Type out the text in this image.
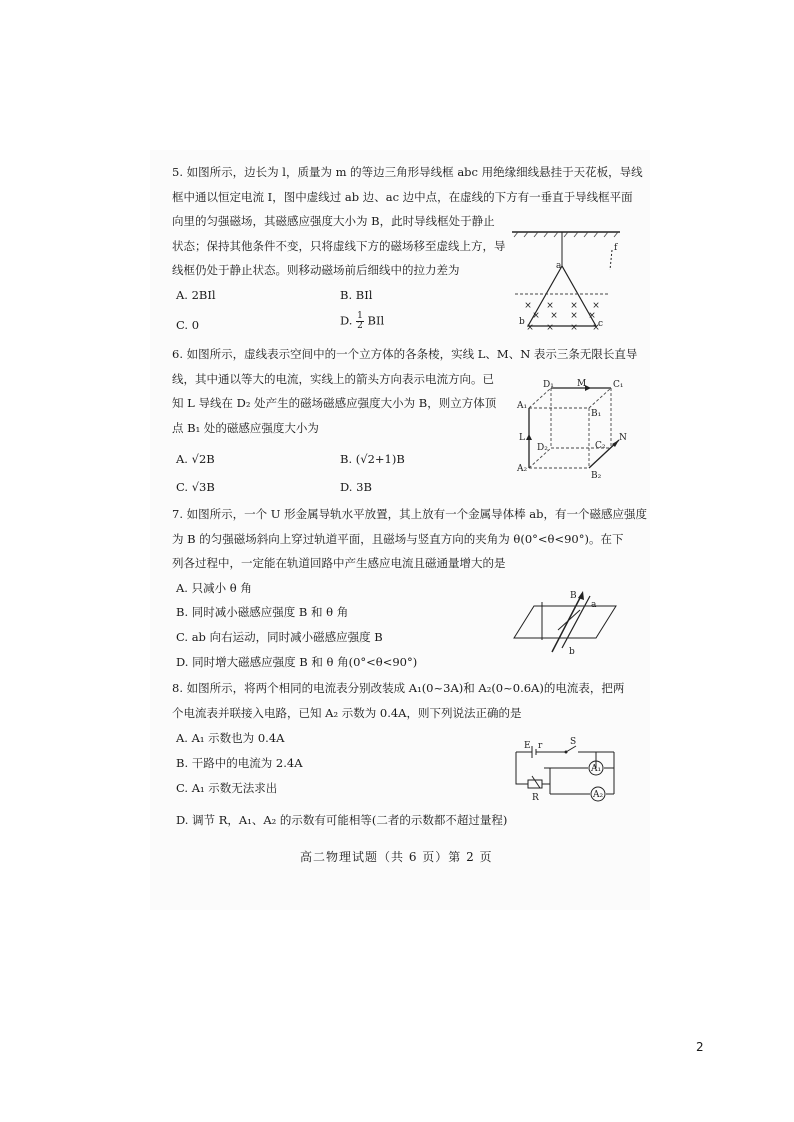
5. 如图所示，边长为 l，质量为 m 的等边三角形导线框 abc 用绝缘细线悬挂于天花板，导线

框中通以恒定电流 I，图中虚线过 ab 边、ac 边中点，在虚线的下方有一垂直于导线框平面

向里的匀强磁场，其磁感应强度大小为 B，此时导线框处于静止

状态；保持其他条件不变，只将虚线下方的磁场移至虚线上方，导

线框仍处于静止状态。则移动磁场前后细线中的拉力差为

A. 2BIl	B. BIl
C. 0	D. $\frac{1}{2}$ BIl
× × × ×
× × × ×
× × × ×
a
b	c
f

6. 如图所示，虚线表示空间中的一个立方体的各条棱，实线 L、M、N 表示三条无限长直导

线，其中通以等大的电流，实线上的箭头方向表示电流方向。已

知 L 导线在 D₂ 处产生的磁场磁感应强度大小为 B，则立方体顶

点 B₁ 处的磁感应强度大小为

A. √2B	B. (√2+1)B
C. √3B	D. 3B
D₁	M	C₁
A₁
B₁
L
D₂	C₂
A₂
N
B₂

7. 如图所示，一个 U 形金属导轨水平放置，其上放有一个金属导体棒 ab，有一个磁感应强度

为 B 的匀强磁场斜向上穿过轨道平面，且磁场与竖直方向的夹角为 θ(0°<θ<90°)。在下

列各过程中，一定能在轨道回路中产生感应电流且磁通量增大的是

A. 只减小 θ 角
B. 同时减小磁感应强度 B 和 θ 角
C. ab 向右运动，同时减小磁感应强度 B
D. 同时增大磁感应强度 B 和 θ 角(0°<θ<90°)
B
a
b

8. 如图所示，将两个相同的电流表分别改装成 A₁(0~3A)和 A₂(0~0.6A)的电流表，把两

个电流表并联接入电路，已知 A₂ 示数为 0.4A，则下列说法正确的是

A. A₁ 示数也为 0.4A
B. 干路中的电流为 2.4A
C. A₁ 示数无法求出
D. 调节 R，A₁、A₂ 的示数有可能相等(二者的示数都不超过量程)
E r	S
A₁
A₂
R
高二物理试题（共 6 页）第 2 页
2
